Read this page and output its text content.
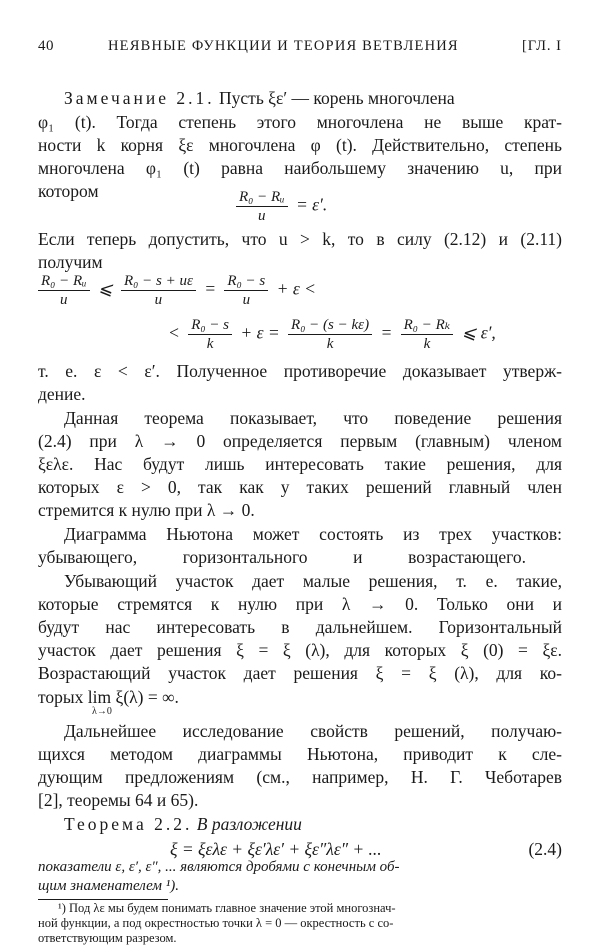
40	НЕЯВНЫЕ ФУНКЦИИ И ТЕОРИЯ ВЕТВЛЕНИЯ	[ГЛ. I
Замечание 2.1. Пусть ξε′ — корень многочлена
φ₁ (t). Тогда степень этого многочлена не выше крат-
ности k корня ξε многочлена φ (t). Действительно, степень
многочлена φ₁ (t) равна наибольшему значению u, при
котором	$\frac{\text{R₀ − Rᵤ}}{u} = \varepsilon'$.
Если теперь допустить, что u > k, то в силу (2.12) и (2.11)
получим
$\frac{\text{R₀ − Rᵤ}}{u}$ ⩽ $\frac{\text{R₀ − s + uε}}{u} = \frac{\text{R₀ − s}}{u} + \varepsilon$ <
< $\frac{\text{R₀ − s}}{k} + \varepsilon = \frac{\text{R₀ − (s − kε)}}{k} = \frac{\text{R₀ − Rₖ}}{k}$ ⩽ ε′,
т. е. ε < ε′. Полученное противоречие доказывает утверж-
дение.
Данная теорема показывает, что поведение решения
(2.4) при λ → 0 определяется первым (главным) членом
ξελε. Нас будут лишь интересовать такие решения, для
которых ε > 0, так как у таких решений главный член
стремится к нулю при λ → 0.
Диаграмма Ньютона может состоять из трех участков:
убывающего, горизонтального и возрастающего.
Убывающий участок дает малые решения, т. е. такие,
которые стремятся к нулю при λ → 0. Только они и
будут нас интересовать в дальнейшем. Горизонтальный
участок дает решения ξ = ξ (λ), для которых ξ (0) = ξε.
Возрастающий участок дает решения ξ = ξ (λ), для ко-
торых lim ξ(λ) = ∞.
λ→0
Дальнейшее исследование свойств решений, получаю-
щихся методом диаграммы Ньютона, приводит к сле-
дующим предложениям (см., например, Н. Г. Чеботарев
[2], теоремы 64 и 65).
Теорема 2.2. В разложении
ξ = ξελε + ξε′λε′ + ξε″λε″ + ...	(2.4)
показатели ε, ε′, ε″, ... являются дробями с конечным об-
щим знаменателем ¹).
¹) Под λε мы будем понимать главное значение этой многознач-
ной функции, а под окрестностью точки λ = 0 — окрестность с со-
ответствующим разрезом.
